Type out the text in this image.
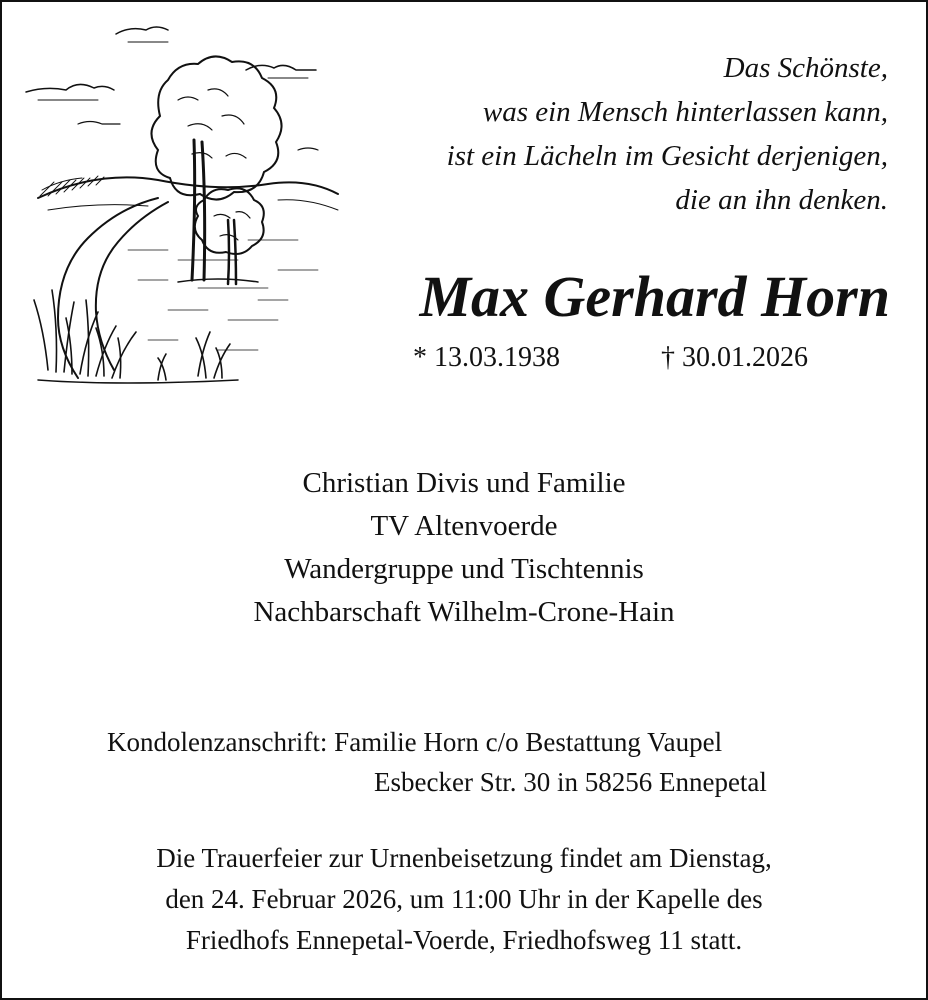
Das Schönste,
was ein Mensch hinterlassen kann,
ist ein Lächeln im Gesicht derjenigen,
die an ihn denken.
Max Gerhard Horn
* 13.03.1938	† 30.01.2026
Christian Divis und Familie
TV Altenvoerde
Wandergruppe und Tischtennis
Nachbarschaft Wilhelm-Crone-Hain
Kondolenzanschrift: Familie Horn c/o Bestattung Vaupel
Esbecker Str. 30 in 58256 Ennepetal
Die Trauerfeier zur Urnenbeisetzung findet am Dienstag,
den 24. Februar 2026, um 11:00 Uhr in der Kapelle des
Friedhofs Ennepetal-Voerde, Friedhofsweg 11 statt.
